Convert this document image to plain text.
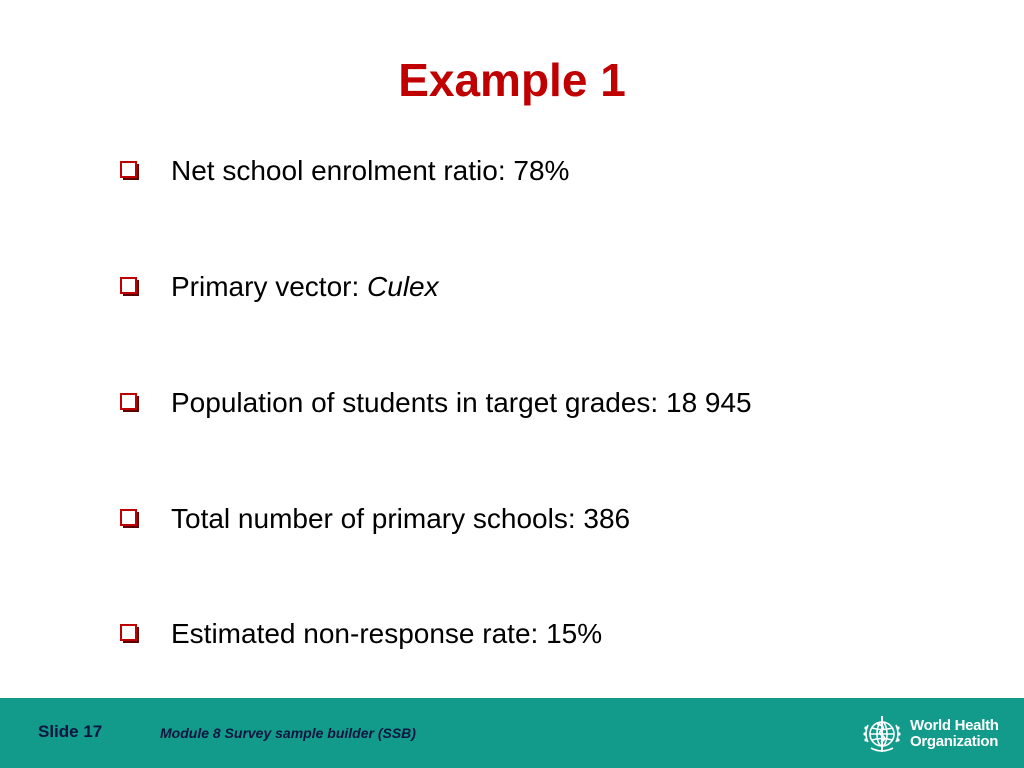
Example 1
Net school enrolment ratio: 78%
Primary vector: Culex
Population of students in target grades: 18 945
Total number of primary schools: 386
Estimated non-response rate: 15%
Slide 17	Module 8 Survey sample builder (SSB)	World Health
Organization
